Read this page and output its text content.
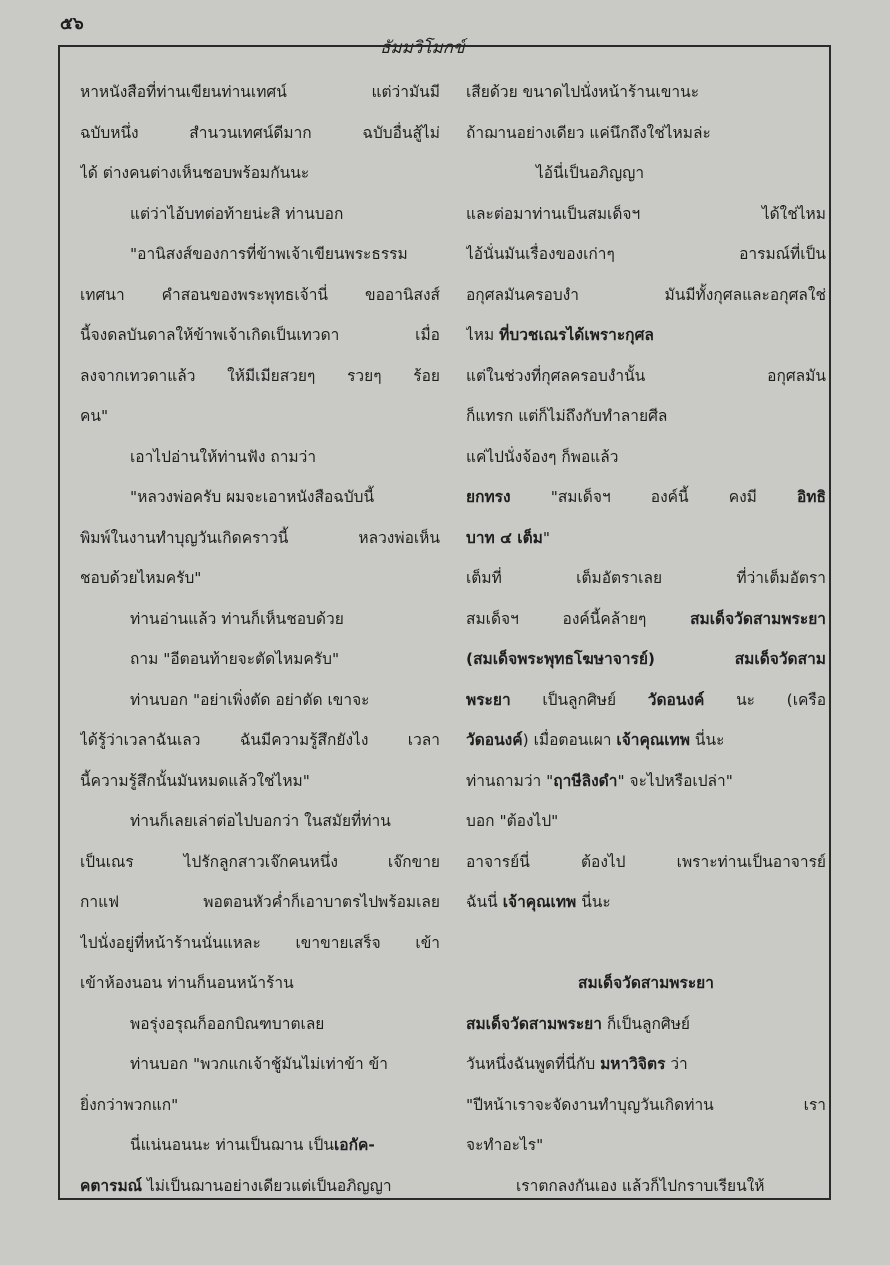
๕๖
ธัมมวิโมกข์
หาหนังสือที่ท่านเขียนท่านเทศน์ แต่ว่ามันมี
ฉบับหนึ่ง สำนวนเทศน์ดีมาก ฉบับอื่นสู้ไม่
ได้ ต่างคนต่างเห็นชอบพร้อมกันนะ
แต่ว่าไอ้บทต่อท้ายน่ะสิ ท่านบอก
"อานิสงส์ของการที่ข้าพเจ้าเขียนพระธรรม
เทศนา คำสอนของพระพุทธเจ้านี่ ขออานิสงส์
นี้จงดลบันดาลให้ข้าพเจ้าเกิดเป็นเทวดา เมื่อ
ลงจากเทวดาแล้ว ให้มีเมียสวยๆ รวยๆ ร้อย
คน"
เอาไปอ่านให้ท่านฟัง ถามว่า
"หลวงพ่อครับ ผมจะเอาหนังสือฉบับนี้
พิมพ์ในงานทำบุญวันเกิดคราวนี้ หลวงพ่อเห็น
ชอบด้วยไหมครับ"
ท่านอ่านแล้ว ท่านก็เห็นชอบด้วย
ถาม "อีตอนท้ายจะตัดไหมครับ"
ท่านบอก "อย่าเพิ่งตัด อย่าตัด เขาจะ
ได้รู้ว่าเวลาฉันเลว ฉันมีความรู้สึกยังไง เวลา
นี้ความรู้สึกนั้นมันหมดแล้วใช่ไหม"
ท่านก็เลยเล่าต่อไปบอกว่า ในสมัยที่ท่าน
เป็นเณร ไปรักลูกสาวเจ๊กคนหนึ่ง เจ๊กขาย
กาแฟ พอตอนหัวค่ำก็เอาบาตรไปพร้อมเลย
ไปนั่งอยู่ที่หน้าร้านนั่นแหละ เขาขายเสร็จ เข้า
เข้าห้องนอน ท่านก็นอนหน้าร้าน
พอรุ่งอรุณก็ออกบิณฑบาตเลย
ท่านบอก "พวกแกเจ้าชู้มันไม่เท่าข้า ข้า
ยิ่งกว่าพวกแก"
นี่แน่นอนนะ ท่านเป็นฌาน เป็นเอกัค-
คตารมณ์ ไม่เป็นฌานอย่างเดียวแต่เป็นอภิญญา
เสียด้วย ขนาดไปนั่งหน้าร้านเขานะ
ถ้าฌานอย่างเดียว แค่นึกถึงใช่ไหมล่ะ
ไอ้นี่เป็นอภิญญา
และต่อมาท่านเป็นสมเด็จฯ ได้ใช่ไหม
ไอ้นั่นมันเรื่องของเก่าๆ อารมณ์ที่เป็น
อกุศลมันครอบงำ มันมีทั้งกุศลและอกุศลใช่
ไหม ที่บวชเณรได้เพราะกุศล
แต่ในช่วงที่กุศลครอบงำนั้น อกุศลมัน
ก็แทรก แต่ก็ไม่ถึงกับทำลายศีล
แค่ไปนั่งจ้องๆ ก็พอแล้ว
ยกทรง "สมเด็จฯ องค์นี้ คงมี อิทธิ
บาท ๔ เต็ม"
เต็มที่ เต็มอัตราเลย ที่ว่าเต็มอัตรา
สมเด็จฯ องค์นี้คล้ายๆ สมเด็จวัดสามพระยา
(สมเด็จพระพุทธโฆษาจารย์) สมเด็จวัดสาม
พระยา เป็นลูกศิษย์ วัดอนงค์ นะ (เครือ
วัดอนงค์) เมื่อตอนเผา เจ้าคุณเทพ นี่นะ
ท่านถามว่า "ฤาษีลิงดำ" จะไปหรือเปล่า"
บอก "ต้องไป"
อาจารย์นี่ ต้องไป เพราะท่านเป็นอาจารย์
ฉันนี่ เจ้าคุณเทพ นี่นะ
สมเด็จวัดสามพระยา
สมเด็จวัดสามพระยา ก็เป็นลูกศิษย์
วันหนึ่งฉันพูดที่นี่กับ มหาวิจิตร ว่า
"ปีหน้าเราจะจัดงานทำบุญวันเกิดท่าน เรา
จะทำอะไร"
เราตกลงกันเอง แล้วก็ไปกราบเรียนให้
